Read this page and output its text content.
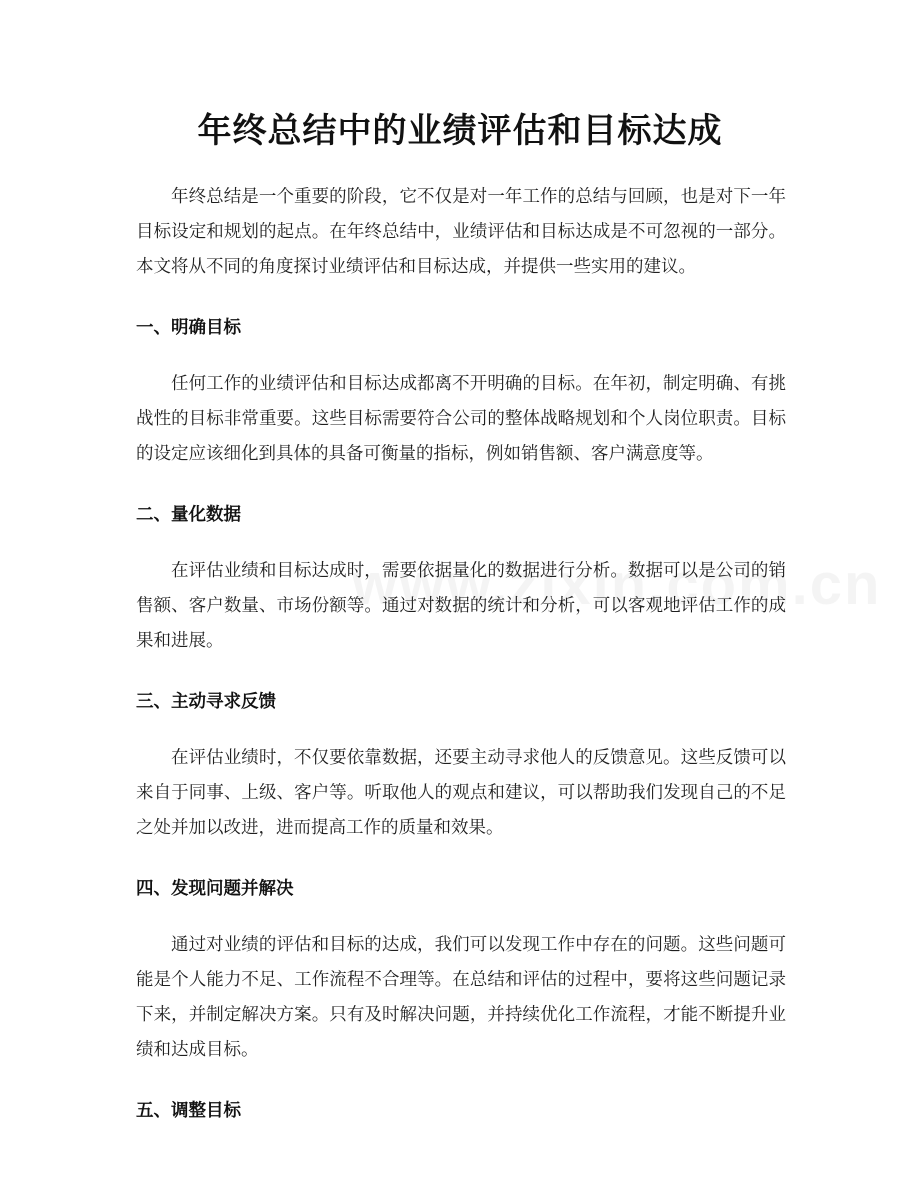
年终总结中的业绩评估和目标达成

年终总结是一个重要的阶段，它不仅是对一年工作的总结与回顾，也是对下一年目标设定和规划的起点。在年终总结中，业绩评估和目标达成是不可忽视的一部分。本文将从不同的角度探讨业绩评估和目标达成，并提供一些实用的建议。

一、明确目标

任何工作的业绩评估和目标达成都离不开明确的目标。在年初，制定明确、有挑战性的目标非常重要。这些目标需要符合公司的整体战略规划和个人岗位职责。目标的设定应该细化到具体的具备可衡量的指标，例如销售额、客户满意度等。

二、量化数据

在评估业绩和目标达成时，需要依据量化的数据进行分析。数据可以是公司的销售额、客户数量、市场份额等。通过对数据的统计和分析，可以客观地评估工作的成果和进展。

三、主动寻求反馈

在评估业绩时，不仅要依靠数据，还要主动寻求他人的反馈意见。这些反馈可以来自于同事、上级、客户等。听取他人的观点和建议，可以帮助我们发现自己的不足之处并加以改进，进而提高工作的质量和效果。

四、发现问题并解决

通过对业绩的评估和目标的达成，我们可以发现工作中存在的问题。这些问题可能是个人能力不足、工作流程不合理等。在总结和评估的过程中，要将这些问题记录下来，并制定解决方案。只有及时解决问题，并持续优化工作流程，才能不断提升业绩和达成目标。

五、调整目标
